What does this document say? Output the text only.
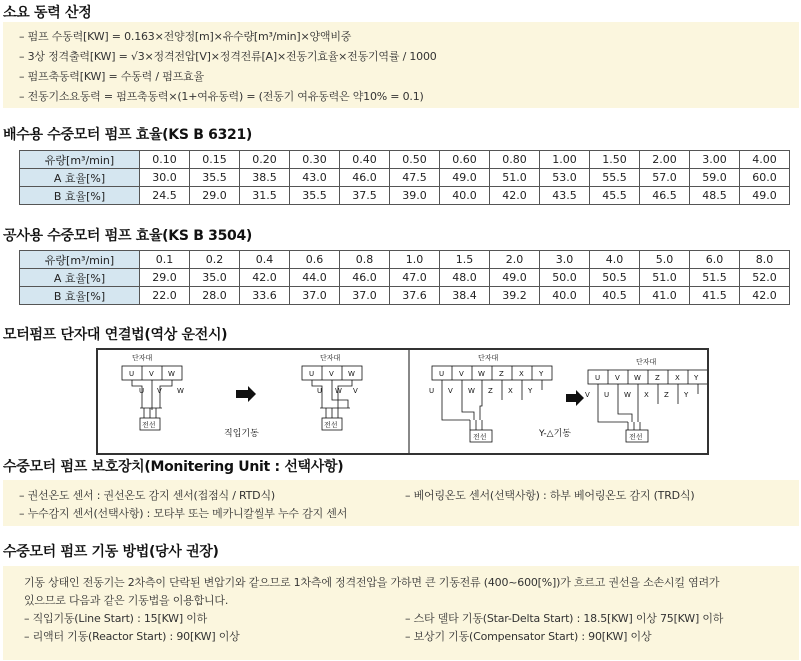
소요 동력 산정
– 펌프 수동력[KW] = 0.163×전양정[m]×유수량[m³/min]×양액비중
– 3상 정격출력[KW] = √3×정격전압[V]×정격전류[A]×전동기효율×전동기역률 / 1000
– 펌프축동력[KW] = 수동력 / 펌프효율
– 전동기소요동력 = 펌프축동력×(1+여유동력) = (전동기 여유동력은 약10% = 0.1)
배수용 수중모터 펌프 효율(KS B 6321)
유량[m³/min]	0.10	0.15	0.20	0.30	0.40	0.50	0.60	0.80	1.00	1.50	2.00	3.00	4.00
A 효율[%]	30.0	35.5	38.5	43.0	46.0	47.5	49.0	51.0	53.0	55.5	57.0	59.0	60.0
B 효율[%]	24.5	29.0	31.5	35.5	37.5	39.0	40.0	42.0	43.5	45.5	46.5	48.5	49.0
공사용 수중모터 펌프 효율(KS B 3504)
유량[m³/min]	0.1	0.2	0.4	0.6	0.8	1.0	1.5	2.0	3.0	4.0	5.0	6.0	8.0
A 효율[%]	29.0	35.0	42.0	44.0	46.0	47.0	48.0	49.0	50.0	50.5	51.0	51.5	52.0
B 효율[%]	22.0	28.0	33.6	37.0	37.0	37.6	38.4	39.2	40.0	40.5	41.0	41.5	42.0
모터펌프 단자대 연결법(역상 운전시)
단자대
U V W
U V W
전선
단자대
U V W
U W V
전선
직입기동
단자대
U V W Z X Y
U V W Z X Y
전선
단자대
U V W Z X Y
V U W X Z Y
전선
Y-△기동
수중모터 펌프 보호장치(Monitering Unit : 선택사항)
– 권선온도 센서 : 권선온도 감지 센서(접점식 / RTD식)
– 누수감지 센서(선택사항) : 모타부 또는 메카니칼씰부 누수 감지 센서
– 베어링온도 센서(선택사항) : 하부 베어링온도 감지 (TRD식)
수중모터 펌프 기동 방법(당사 권장)
기동 상태인 전동기는 2차측이 단락된 변압기와 같으므로 1차측에 정격전압을 가하면 큰 기동전류 (400~600[%])가 흐르고 권선을 소손시킬 염려가
있으므로 다음과 같은 기동법을 이용합니다.
– 직입기동(Line Start) : 15[KW] 이하
– 리액터 기동(Reactor Start) : 90[KW] 이상
– 스타 델타 기동(Star-Delta Start) : 18.5[KW] 이상 75[KW] 이하
– 보상기 기동(Compensator Start) : 90[KW] 이상
